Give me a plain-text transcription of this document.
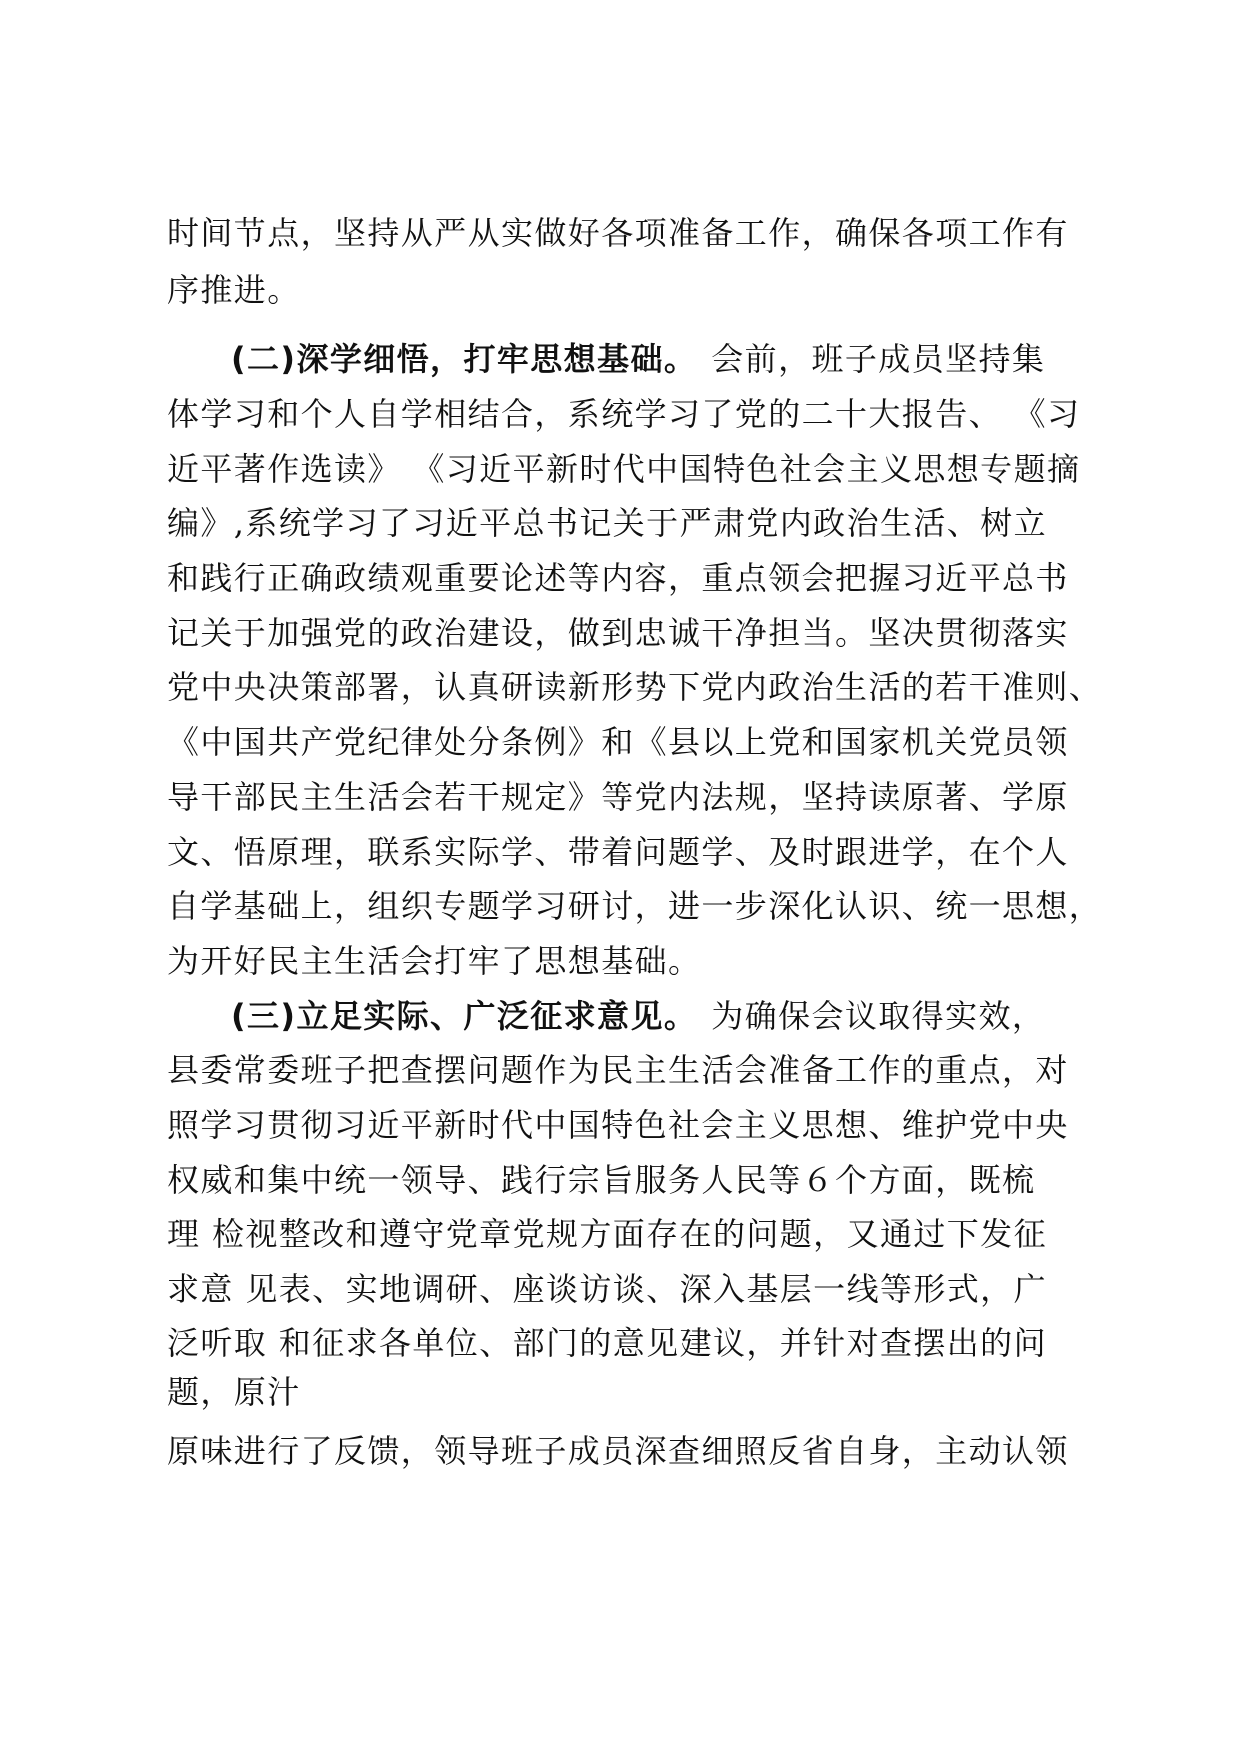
时间节点，坚持从严从实做好各项准备工作，确保各项工作有
序推进。
(二)深学细悟，打牢思想基础。 会前，班子成员坚持集
体学习和个人自学相结合，系统学习了党的二十大报告、 《习
近平著作选读》 《习近平新时代中国特色社会主义思想专题摘
编》,系统学习了习近平总书记关于严肃党内政治生活、树立
和践行正确政绩观重要论述等内容，重点领会把握习近平总书
记关于加强党的政治建设，做到忠诚干净担当。坚决贯彻落实
党中央决策部署，认真研读新形势下党内政治生活的若干准则、
《中国共产党纪律处分条例》和《县以上党和国家机关党员领
导干部民主生活会若干规定》等党内法规，坚持读原著、学原
文、悟原理，联系实际学、带着问题学、及时跟进学，在个人
自学基础上，组织专题学习研讨，进一步深化认识、统一思想，
为开好民主生活会打牢了思想基础。
(三)立足实际、广泛征求意见。 为确保会议取得实效，
县委常委班子把查摆问题作为民主生活会准备工作的重点，对
照学习贯彻习近平新时代中国特色社会主义思想、维护党中央
权威和集中统一领导、践行宗旨服务人民等６个方面，既梳
理 检视整改和遵守党章党规方面存在的问题，又通过下发征
求意 见表、实地调研、座谈访谈、深入基层一线等形式，广
泛听取 和征求各单位、部门的意见建议，并针对查摆出的问
题，原汁
原味进行了反馈，领导班子成员深查细照反省自身，主动认领
